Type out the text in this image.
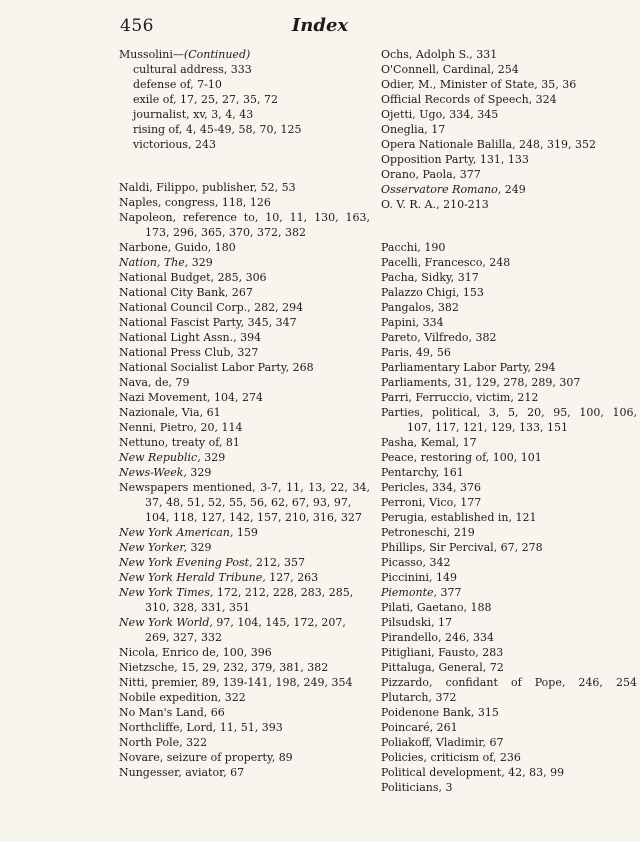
456	Index
Mussolini—(Continued)
cultural address, 333
defense of, 7-10
exile of, 17, 25, 27, 35, 72
journalist, xv, 3, 4, 43
rising of, 4, 45-49, 58, 70, 125
victorious, 243
Naldi, Filippo, publisher, 52, 53
Naples, congress, 118, 126
Napoleon, reference to, 10, 11, 130, 163,
173, 296, 365, 370, 372, 382
Narbone, Guido, 180
Nation, The, 329
National Budget, 285, 306
National City Bank, 267
National Council Corp., 282, 294
National Fascist Party, 345, 347
National Light Assn., 394
National Press Club, 327
National Socialist Labor Party, 268
Nava, de, 79
Nazi Movement, 104, 274
Nazionale, Via, 61
Nenni, Pietro, 20, 114
Nettuno, treaty of, 81
New Republic, 329
News-Week, 329
Newspapers mentioned, 3-7, 11, 13, 22, 34,
37, 48, 51, 52, 55, 56, 62, 67, 93, 97,
104, 118, 127, 142, 157, 210, 316, 327
New York American, 159
New Yorker, 329
New York Evening Post, 212, 357
New York Herald Tribune, 127, 263
New York Times, 172, 212, 228, 283, 285,
310, 328, 331, 351
New York World, 97, 104, 145, 172, 207,
269, 327, 332
Nicola, Enrico de, 100, 396
Nietzsche, 15, 29, 232, 379, 381, 382
Nitti, premier, 89, 139-141, 198, 249, 354
Nobile expedition, 322
No Man's Land, 66
Northcliffe, Lord, 11, 51, 393
North Pole, 322
Novare, seizure of property, 89
Nungesser, aviator, 67
Ochs, Adolph S., 331
O'Connell, Cardinal, 254
Odier, M., Minister of State, 35, 36
Official Records of Speech, 324
Ojetti, Ugo, 334, 345
Oneglia, 17
Opera Nationale Balilla, 248, 319, 352
Opposition Party, 131, 133
Orano, Paola, 377
Osservatore Romano, 249
O. V. R. A., 210-213
Pacchi, 190
Pacelli, Francesco, 248
Pacha, Sidky, 317
Palazzo Chigi, 153
Pangalos, 382
Papini, 334
Pareto, Vilfredo, 382
Paris, 49, 56
Parliamentary Labor Party, 294
Parliaments, 31, 129, 278, 289, 307
Parri, Ferruccio, victim, 212
Parties, political, 3, 5, 20, 95, 100, 106,
107, 117, 121, 129, 133, 151
Pasha, Kemal, 17
Peace, restoring of, 100, 101
Pentarchy, 161
Pericles, 334, 376
Perroni, Vico, 177
Perugia, established in, 121
Petroneschi, 219
Phillips, Sir Percival, 67, 278
Picasso, 342
Piccinini, 149
Piemonte, 377
Pilati, Gaetano, 188
Pilsudski, 17
Pirandello, 246, 334
Pitigliani, Fausto, 283
Pittaluga, General, 72
Pizzardo, confidant of Pope, 246, 254
Plutarch, 372
Poidenone Bank, 315
Poincaré, 261
Poliakoff, Vladimir, 67
Policies, criticism of, 236
Political development, 42, 83, 99
Politicians, 3
